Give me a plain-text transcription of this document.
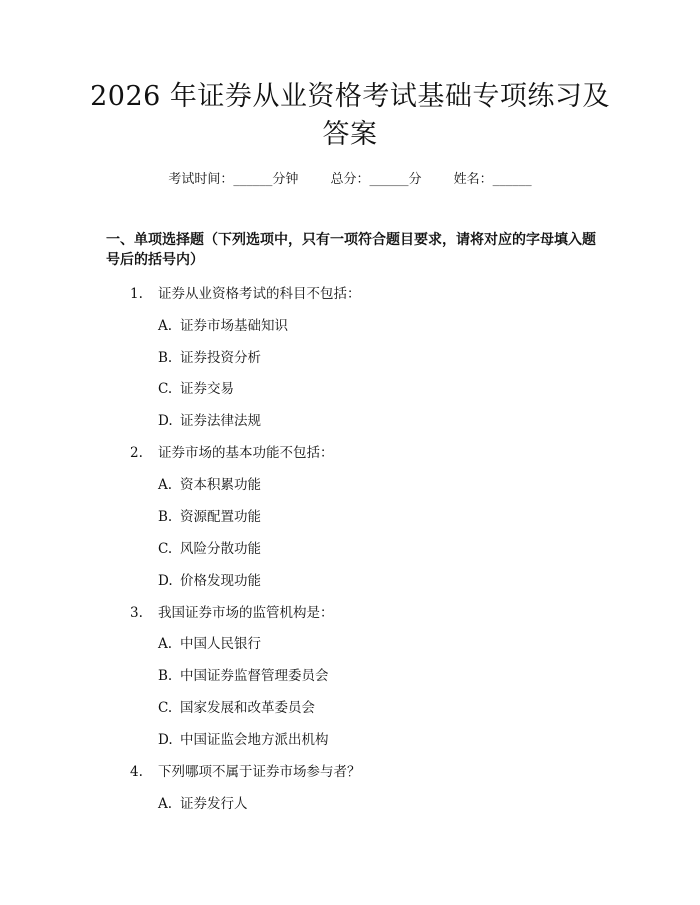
2026 年证券从业资格考试基础专项练习及答案
考试时间：______分钟 总分：______分 姓名：______
一、单项选择题（下列选项中，只有一项符合题目要求，请将对应的字母填入题号后的括号内）
1. 证券从业资格考试的科目不包括：
A. 证券市场基础知识
B. 证券投资分析
C. 证券交易
D. 证券法律法规
2. 证券市场的基本功能不包括：
A. 资本积累功能
B. 资源配置功能
C. 风险分散功能
D. 价格发现功能
3. 我国证券市场的监管机构是：
A. 中国人民银行
B. 中国证券监督管理委员会
C. 国家发展和改革委员会
D. 中国证监会地方派出机构
4. 下列哪项不属于证券市场参与者？
A. 证券发行人
